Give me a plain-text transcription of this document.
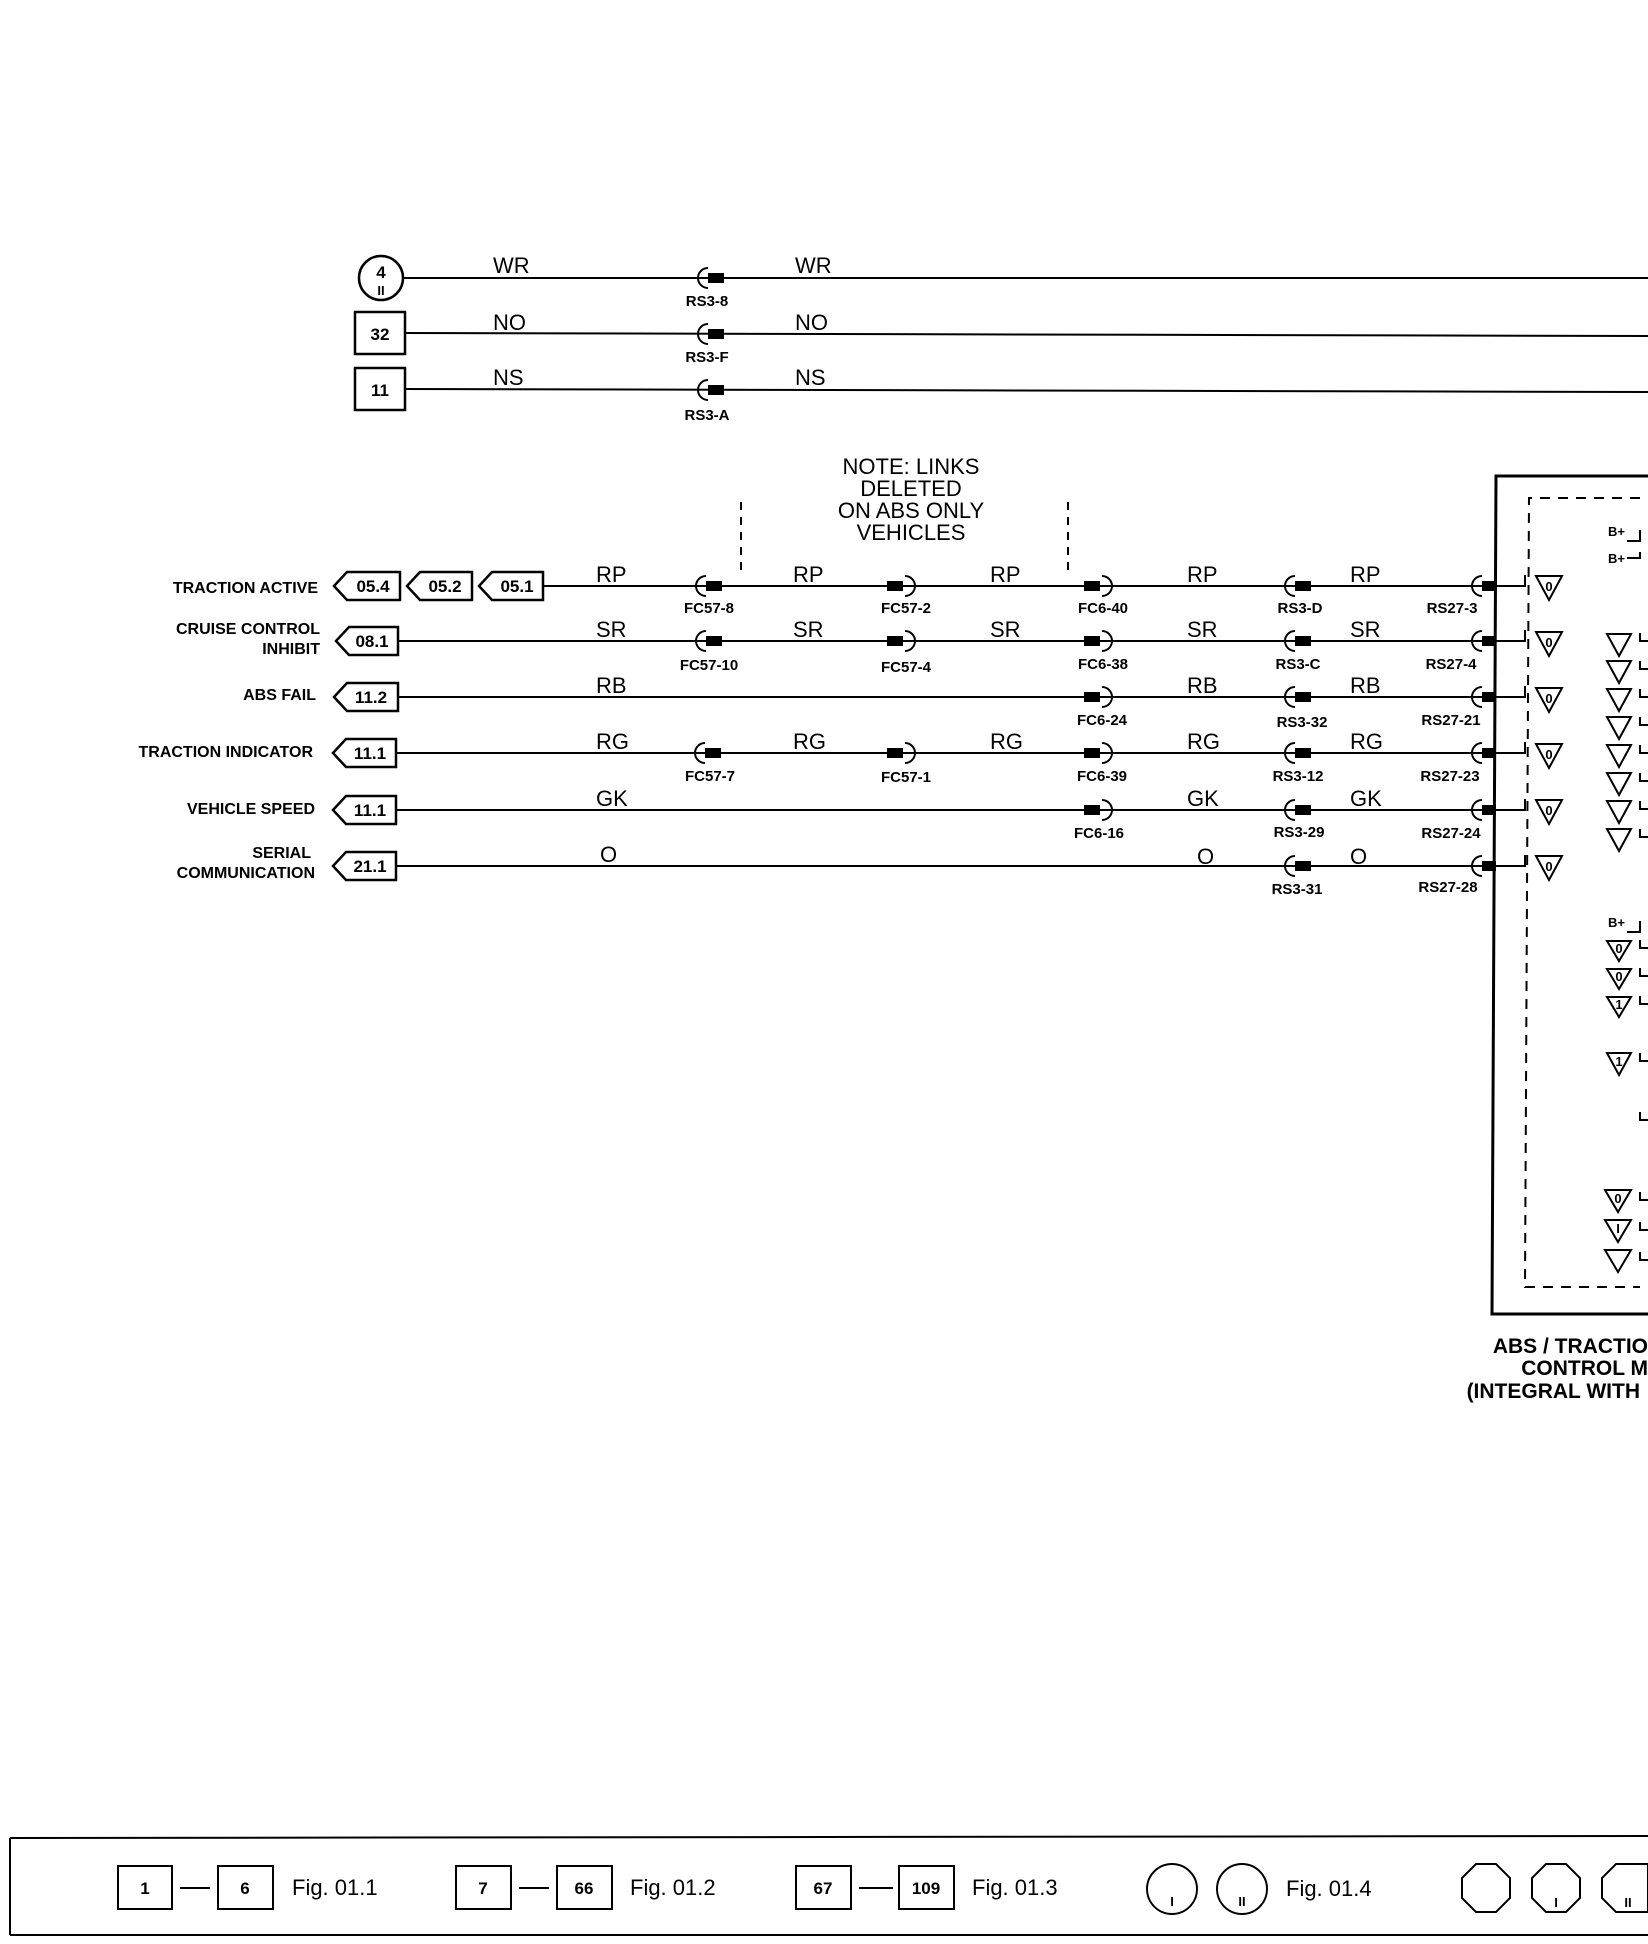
4
II
WR
RS3-8
WR
32	NO
RS3-F
NO
11
NS
RS3-A
NS
NOTE: LINKS
DELETED
ON ABS ONLY
VEHICLES
TRACTION ACTIVE 05.4 05.2 05.1	RP	RP	RP	RP	RP
FC57-8	FC57-2	FC6-40	RS3-D	RS27-3
CRUISE CONTROL
INHIBIT 08.1	SR	SR	SR	SR	SR
FC57-10	FC57-4	FC6-38	RS3-C	RS27-4
ABS FAIL 11.2	RB	RB	RB
FC6-24	RS3-32	RS27-21
TRACTION INDICATOR 11.1	RG	RG	RG	RG	RG
FC57-7	FC57-1	FC6-39	RS3-12	RS27-23
VEHICLE SPEED 11.1	GK	GK	GK
FC6-16	RS3-29	RS27-24
SERIAL
COMMUNICATION 21.1	O	O	O
RS3-31	RS27-28
0
0
0
0
0
0
B+
B+
B+
0
0
1
1
0
I
ABS / TRACTIO
CONTROL M
(INTEGRAL WITH
1	6 Fig. 01.1	7	66 Fig. 01.2	67	109 Fig. 01.3
I	II
Fig. 01.4
I	II
